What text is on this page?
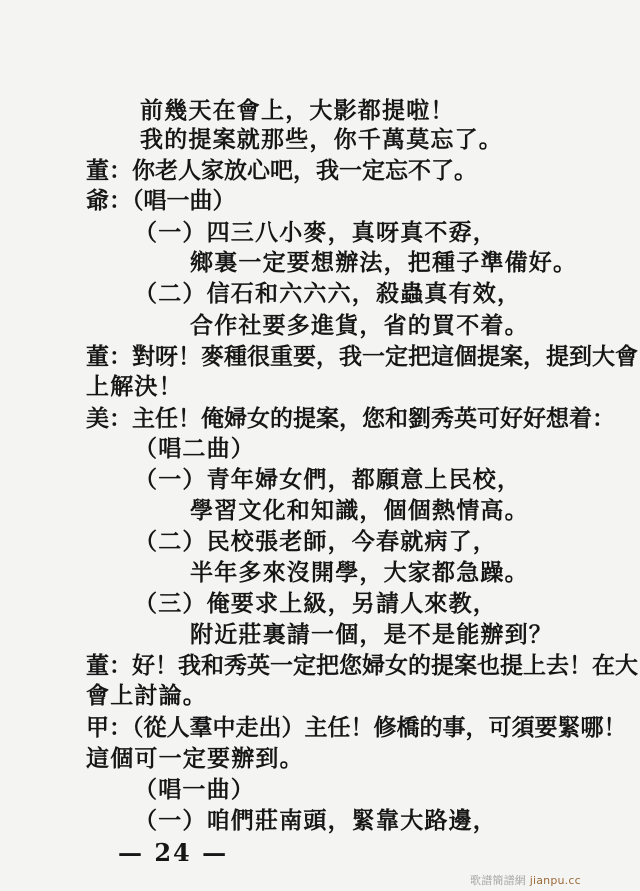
前幾天在會上，大影都提啦！
我的提案就那些，你千萬莫忘了。
董：你老人家放心吧，我一定忘不了。
爺：（唱一曲）
（一）四三八小麥，真呀真不孬，
鄉裏一定要想辦法，把種子準備好。
（二）信石和六六六，殺蟲真有效，
合作社要多進貨，省的買不着。
董：對呀！麥種很重要，我一定把這個提案，提到大會
上解決！
美：主任！俺婦女的提案，您和劉秀英可好好想着：
（唱二曲）
（一）青年婦女們，都願意上民校，
學習文化和知識，個個熱情高。
（二）民校張老師，今春就病了，
半年多來沒開學，大家都急躁。
（三）俺要求上級，另請人來教，
附近莊裏請一個，是不是能辦到？
董：好！我和秀英一定把您婦女的提案也提上去！在大
會上討論。
甲：（從人羣中走出）主任！修橋的事，可須要緊哪！
這個可一定要辦到。
（唱一曲）
（一）咱們莊南頭，緊靠大路邊，
— 24 —
歌譜簡譜網 jianpu.cc
